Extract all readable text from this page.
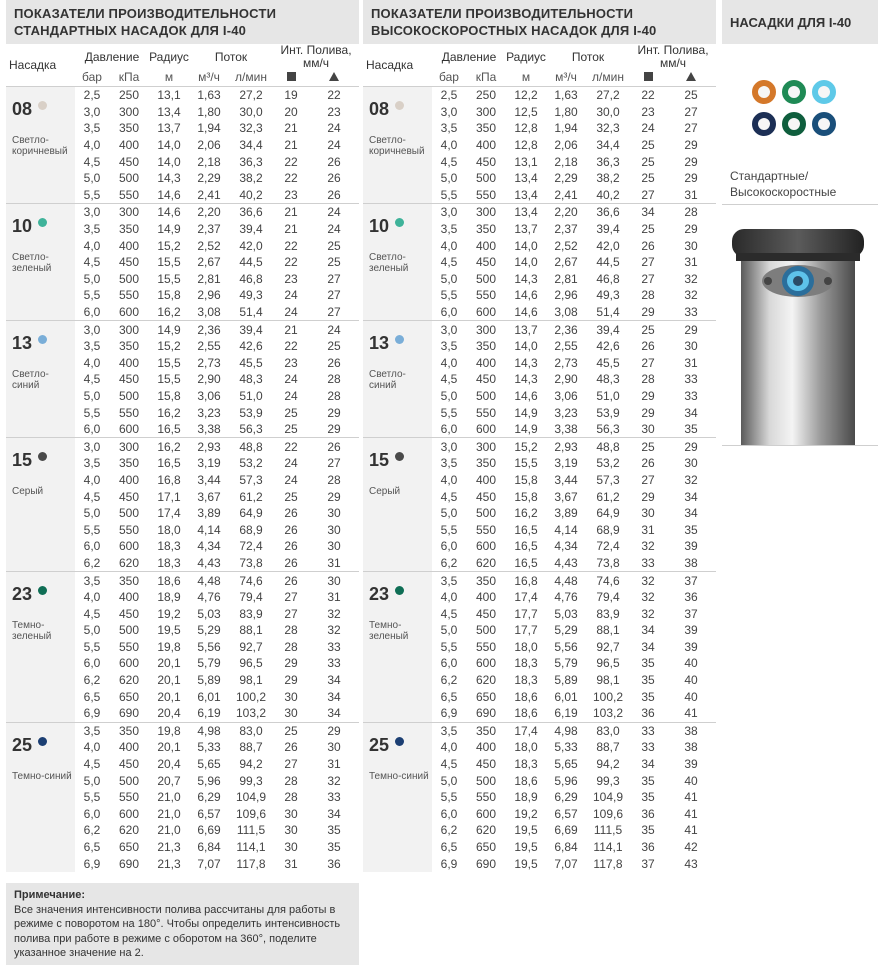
ПОКАЗАТЕЛИ ПРОИЗВОДИТЕЛЬНОСТИ
СТАНДАРТНЫХ НАСАДОК ДЛЯ I-40
Насадка	Давление		Радиус	Поток		Инт. Полива,
мм/ч	

	бар	кПа	м	м³/ч	л/мин		
08
Светло-
коричневый	2,5	250	13,1	1,63	27,2	19	22
	3,0	300	13,4	1,80	30,0	20	23
	3,5	350	13,7	1,94	32,3	21	24
	4,0	400	14,0	2,06	34,4	21	24
	4,5	450	14,0	2,18	36,3	22	26
	5,0	500	14,3	2,29	38,2	22	26
	5,5	550	14,6	2,41	40,2	23	26
10
Светло-
зеленый	3,0	300	14,6	2,20	36,6	21	24
	3,5	350	14,9	2,37	39,4	21	24
	4,0	400	15,2	2,52	42,0	22	25
	4,5	450	15,5	2,67	44,5	22	25
	5,0	500	15,5	2,81	46,8	23	27
	5,5	550	15,8	2,96	49,3	24	27
	6,0	600	16,2	3,08	51,4	24	27
13
Светло-
синий	3,0	300	14,9	2,36	39,4	21	24
	3,5	350	15,2	2,55	42,6	22	25
	4,0	400	15,5	2,73	45,5	23	26
	4,5	450	15,5	2,90	48,3	24	28
	5,0	500	15,8	3,06	51,0	24	28
	5,5	550	16,2	3,23	53,9	25	29
	6,0	600	16,5	3,38	56,3	25	29
15
Серый	3,0	300	16,2	2,93	48,8	22	26
	3,5	350	16,5	3,19	53,2	24	27
	4,0	400	16,8	3,44	57,3	24	28
	4,5	450	17,1	3,67	61,2	25	29
	5,0	500	17,4	3,89	64,9	26	30
	5,5	550	18,0	4,14	68,9	26	30
	6,0	600	18,3	4,34	72,4	26	30
	6,2	620	18,3	4,43	73,8	26	31
23
Темно-
зеленый	3,5	350	18,6	4,48	74,6	26	30
	4,0	400	18,9	4,76	79,4	27	31
	4,5	450	19,2	5,03	83,9	27	32
	5,0	500	19,5	5,29	88,1	28	32
	5,5	550	19,8	5,56	92,7	28	33
	6,0	600	20,1	5,79	96,5	29	33
	6,2	620	20,1	5,89	98,1	29	34
	6,5	650	20,1	6,01	100,2	30	34
	6,9	690	20,4	6,19	103,2	30	34
25
Темно-синий	3,5	350	19,8	4,98	83,0	25	29
	4,0	400	20,1	5,33	88,7	26	30
	4,5	450	20,4	5,65	94,2	27	31
	5,0	500	20,7	5,96	99,3	28	32
	5,5	550	21,0	6,29	104,9	28	33
	6,0	600	21,0	6,57	109,6	30	34
	6,2	620	21,0	6,69	111,5	30	35
	6,5	650	21,3	6,84	114,1	30	35
	6,9	690	21,3	7,07	117,8	31	36
ПОКАЗАТЕЛИ ПРОИЗВОДИТЕЛЬНОСТИ
ВЫСОКОСКОРОСТНЫХ НАСАДОК ДЛЯ I-40
Насадка	Давление		Радиус	Поток		Инт. Полива,
мм/ч	

	бар	кПа	м	м³/ч	л/мин		
08
Светло-
коричневый	2,5	250	12,2	1,63	27,2	22	25
	3,0	300	12,5	1,80	30,0	23	27
	3,5	350	12,8	1,94	32,3	24	27
	4,0	400	12,8	2,06	34,4	25	29
	4,5	450	13,1	2,18	36,3	25	29
	5,0	500	13,4	2,29	38,2	25	29
	5,5	550	13,4	2,41	40,2	27	31
10
Светло-
зеленый	3,0	300	13,4	2,20	36,6	34	28
	3,5	350	13,7	2,37	39,4	25	29
	4,0	400	14,0	2,52	42,0	26	30
	4,5	450	14,0	2,67	44,5	27	31
	5,0	500	14,3	2,81	46,8	27	32
	5,5	550	14,6	2,96	49,3	28	32
	6,0	600	14,6	3,08	51,4	29	33
13
Светло-
синий	3,0	300	13,7	2,36	39,4	25	29
	3,5	350	14,0	2,55	42,6	26	30
	4,0	400	14,3	2,73	45,5	27	31
	4,5	450	14,3	2,90	48,3	28	33
	5,0	500	14,6	3,06	51,0	29	33
	5,5	550	14,9	3,23	53,9	29	34
	6,0	600	14,9	3,38	56,3	30	35
15
Серый	3,0	300	15,2	2,93	48,8	25	29
	3,5	350	15,5	3,19	53,2	26	30
	4,0	400	15,8	3,44	57,3	27	32
	4,5	450	15,8	3,67	61,2	29	34
	5,0	500	16,2	3,89	64,9	30	34
	5,5	550	16,5	4,14	68,9	31	35
	6,0	600	16,5	4,34	72,4	32	39
	6,2	620	16,5	4,43	73,8	33	38
23
Темно-
зеленый	3,5	350	16,8	4,48	74,6	32	37
	4,0	400	17,4	4,76	79,4	32	36
	4,5	450	17,7	5,03	83,9	32	37
	5,0	500	17,7	5,29	88,1	34	39
	5,5	550	18,0	5,56	92,7	34	39
	6,0	600	18,3	5,79	96,5	35	40
	6,2	620	18,3	5,89	98,1	35	40
	6,5	650	18,6	6,01	100,2	35	40
	6,9	690	18,6	6,19	103,2	36	41
25
Темно-синий	3,5	350	17,4	4,98	83,0	33	38
	4,0	400	18,0	5,33	88,7	33	38
	4,5	450	18,3	5,65	94,2	34	39
	5,0	500	18,6	5,96	99,3	35	40
	5,5	550	18,9	6,29	104,9	35	41
	6,0	600	19,2	6,57	109,6	36	41
	6,2	620	19,5	6,69	111,5	35	41
	6,5	650	19,5	6,84	114,1	36	42
	6,9	690	19,5	7,07	117,8	37	43
Примечание:
Все значения интенсивности полива рассчитаны для работы в режиме с поворотом на 180°. Чтобы определить интенсивность полива при работе в режиме с оборотом на 360°, поделите указанное значение на 2.
НАСАДКИ ДЛЯ I-40
Стандартные/
Высокоскоростные
